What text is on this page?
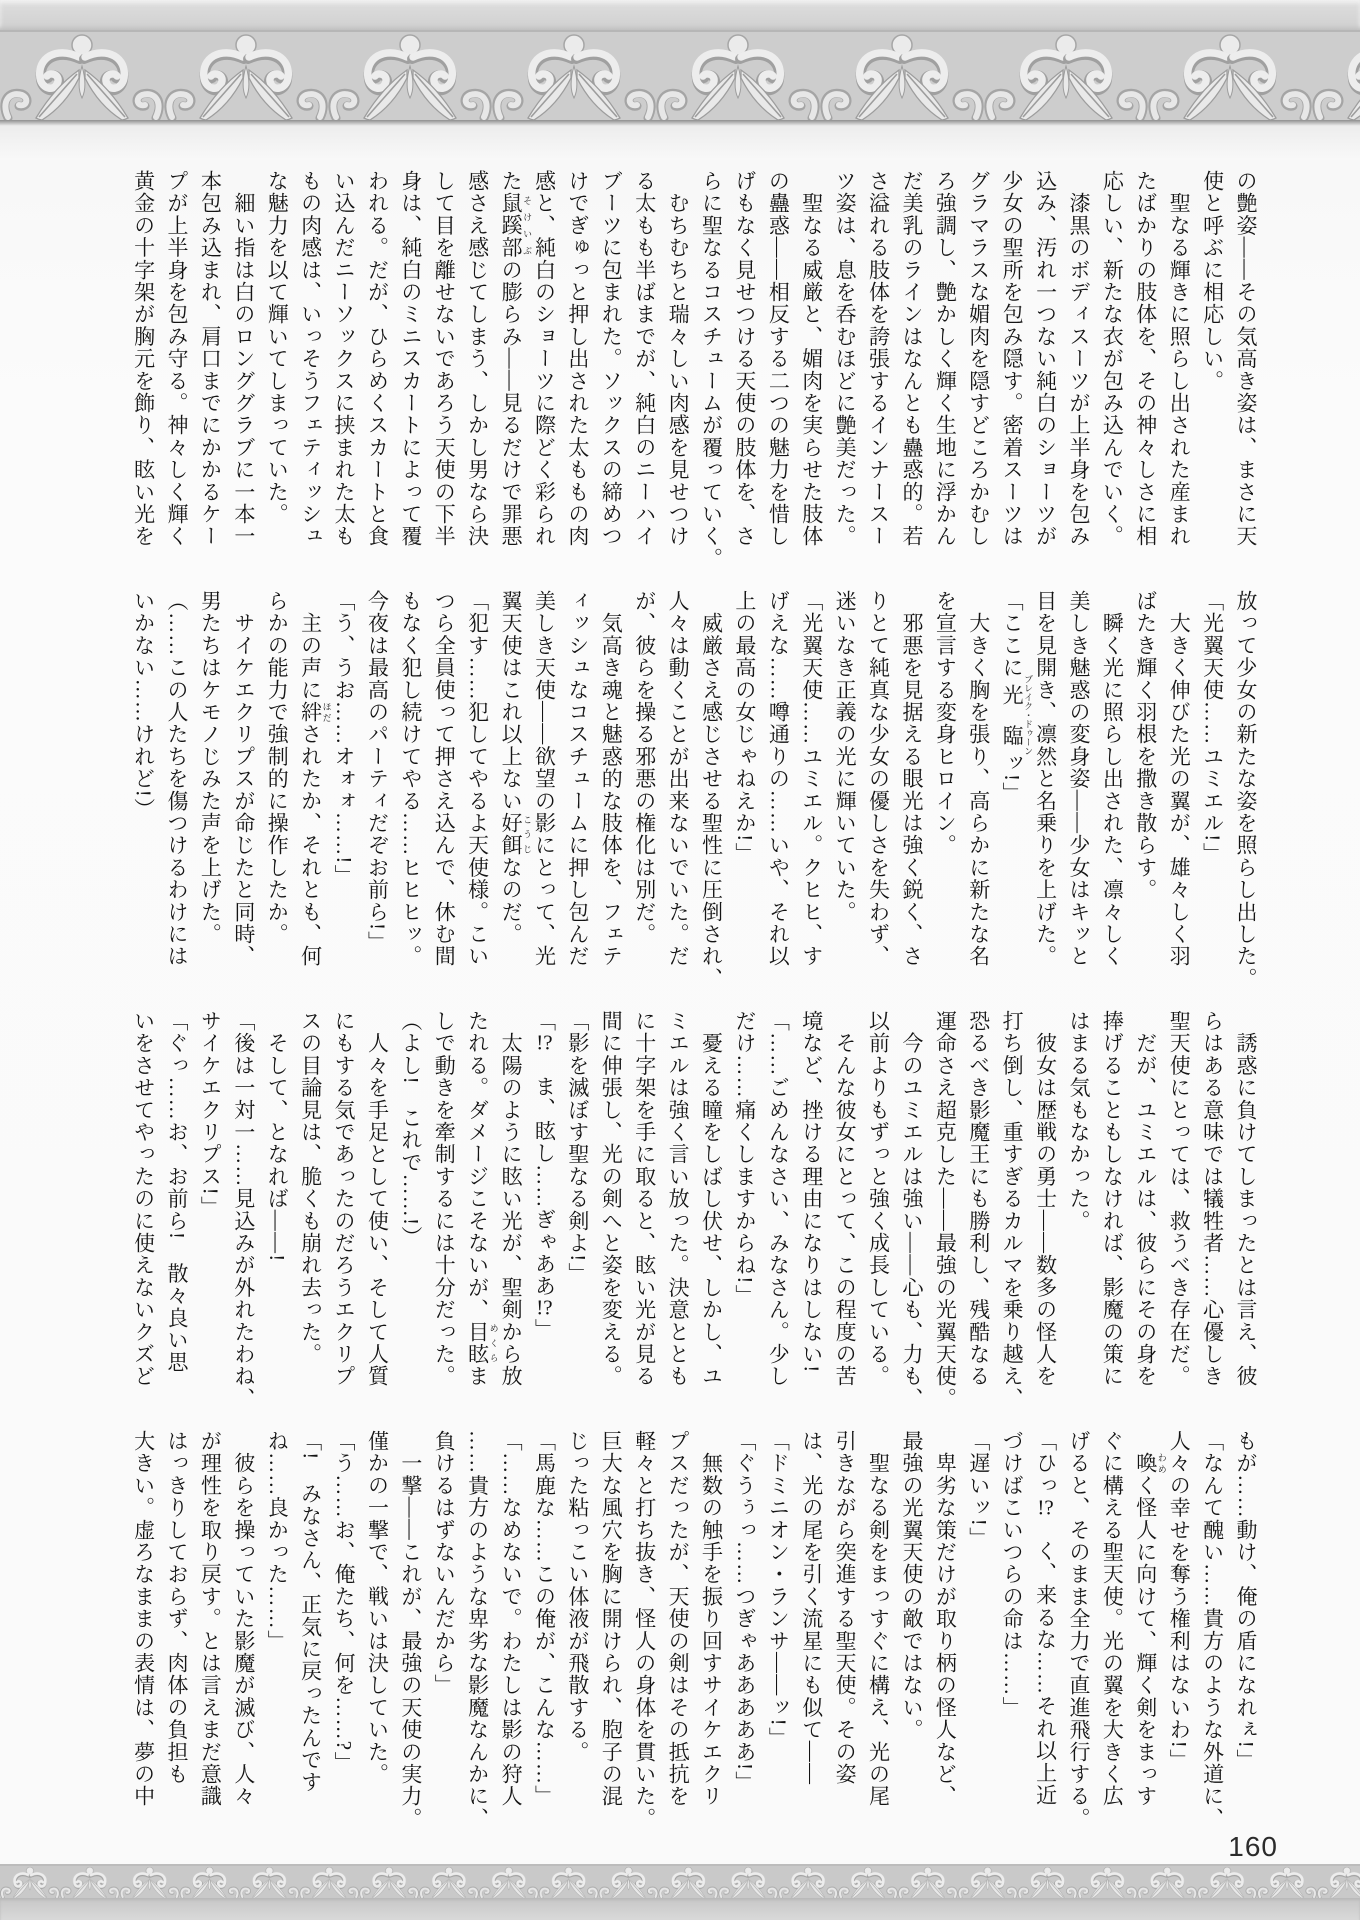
の艶姿――その気高き姿は、まさに天
使と呼ぶに相応しい。
　聖なる輝きに照らし出された産まれ
たばかりの肢体を、その神々しさに相
応しい、新たな衣が包み込んでいく。
　漆黒のボディスーツが上半身を包み
込み、汚れ一つない純白のショーツが
少女の聖所を包み隠す。密着スーツは
グラマラスな媚肉を隠すどころかむし
ろ強調し、艶かしく輝く生地に浮かん
だ美乳のラインはなんとも蠱惑的。若
さ溢れる肢体を誇張するインナースー
ツ姿は、息を呑むほどに艶美だった。
　聖なる威厳と、媚肉を実らせた肢体
の蠱惑――相反する二つの魅力を惜し
げもなく見せつける天使の肢体を、さ
らに聖なるコスチュームが覆っていく。
　むちむちと瑞々しい肉感を見せつけ
る太もも半ばまでが、純白のニーハイ
ブーツに包まれた。ソックスの締めつ
けでぎゅっと押し出された太ももの肉
感と、純白のショーツに際どく彩られ
た鼠蹊部 そけいぶの膨らみ――見るだけで罪悪
感さえ感じてしまう、しかし男なら決
して目を離せないであろう天使の下半
身は、純白のミニスカートによって覆
われる。だが、ひらめくスカートと食
い込んだニーソックスに挟まれた太も
もの肉感は、いっそうフェティッシュ
な魅力を以て輝いてしまっていた。
　細い指は白のロンググラブに一本一
本包み込まれ、肩口までにかかるケー
プが上半身を包み守る。神々しく輝く
黄金の十字架が胸元を飾り、眩い光を
放って少女の新たな姿を照らし出した。
「光翼天使……ユミエル!」
　大きく伸びた光の翼が、雄々しく羽
ばたき輝く羽根を撒き散らす。
　瞬く光に照らし出された、凛々しく
美しき魅惑の変身姿――少女はキッと
目を見開き、凛然と名乗りを上げた。
「ここに光臨 ブレイク・ドゥーンッ!」
　大きく胸を張り、高らかに新たな名
を宣言する変身ヒロイン。
　邪悪を見据える眼光は強く鋭く、さ
りとて純真な少女の優しさを失わず、
迷いなき正義の光に輝いていた。
「光翼天使……ユミエル。クヒヒ、す
げえな……噂通りの……いや、それ以
上の最高の女じゃねえか!」
　威厳さえ感じさせる聖性に圧倒され、
人々は動くことが出来ないでいた。だ
が、彼らを操る邪悪の権化は別だ。
　気高き魂と魅惑的な肢体を、フェテ
ィッシュなコスチュームに押し包んだ
美しき天使――欲望の影にとって、光
翼天使はこれ以上ない好餌 こうじなのだ。
「犯す……犯してやるよ天使様。こい
つら全員使って押さえ込んで、休む間
もなく犯し続けてやる……ヒヒヒッ。
今夜は最高のパーティだぞお前ら!」
「う、うお……オォォ……!」
　主の声に絆 ほだされたか、それとも、何
らかの能力で強制的に操作したか。
　サイケエクリプスが命じたと同時、
男たちはケモノじみた声を上げた。
（……この人たちを傷つけるわけには
いかない……けれど!）
　誘惑に負けてしまったとは言え、彼
らはある意味では犠牲者……心優しき
聖天使にとっては、救うべき存在だ。
　だが、ユミエルは、彼らにその身を
捧げることもしなければ、影魔の策に
はまる気もなかった。
　彼女は歴戦の勇士――数多の怪人を
打ち倒し、重すぎるカルマを乗り越え、
恐るべき影魔王にも勝利し、残酷なる
運命さえ超克した――最強の光翼天使。
　今のユミエルは強い――心も、力も、
以前よりもずっと強く成長している。
　そんな彼女にとって、この程度の苦
境など、挫ける理由になりはしない!
「……ごめんなさい、みなさん。少し
だけ……痛くしますからね!」
　憂える瞳をしばし伏せ、しかし、ユ
ミエルは強く言い放った。決意ととも
に十字架を手に取ると、眩い光が見る
間に伸張し、光の剣へと姿を変える。
「影を滅ぼす聖なる剣よ!」
「!?　ま、眩し……ぎゃああ!?」
　太陽のように眩い光が、聖剣から放
たれる。ダメージこそないが、目眩 めくらま
しで動きを牽制するには十分だった。
（よし!　これで……!）
　人々を手足として使い、そして人質
にもする気であったのだろうエクリプ
スの目論見は、脆くも崩れ去った。
　そして、となれば――!
「後は一対一……見込みが外れたわね、
サイケエクリプス!」
「ぐっ……お、お前ら!　散々良い思
いをさせてやったのに使えないクズど
もが……動け、俺の盾になれぇ!」
「なんて醜い……貴方のような外道に、
人々の幸せを奪う権利はないわ!」
　喚 わめく怪人に向けて、輝く剣をまっす
ぐに構える聖天使。光の翼を大きく広
げると、そのまま全力で直進飛行する。
「ひっ!?　く、来るな……それ以上近
づけばこいつらの命は……」
「遅いッ!」
　卑劣な策だけが取り柄の怪人など、
最強の光翼天使の敵ではない。
　聖なる剣をまっすぐに構え、光の尾
引きながら突進する聖天使。その姿
は、光の尾を引く流星にも似て――
「ドミニオン・ランサ――ッ!」
「ぐうぅっ……つぎゃあああああ!」
　無数の触手を振り回すサイケエクリ
プスだったが、天使の剣はその抵抗を
軽々と打ち抜き、怪人の身体を貫いた。
巨大な風穴を胸に開けられ、胞子の混
じった粘っこい体液が飛散する。
「馬鹿な……この俺が、こんな……」
「……なめないで。わたしは影の狩人
……貴方のような卑劣な影魔なんかに、
負けるはずないんだから」
　一撃――これが、最強の天使の実力。
僅かの一撃で、戦いは決していた。
「う……お、俺たち、何を……?」
「!　みなさん、正気に戻ったんです
ね……良かった……」
　彼らを操っていた影魔が滅び、人々
が理性を取り戻す。とは言えまだ意識
はっきりしておらず、肉体の負担も
大きい。虚ろなままの表情は、夢の中
160
